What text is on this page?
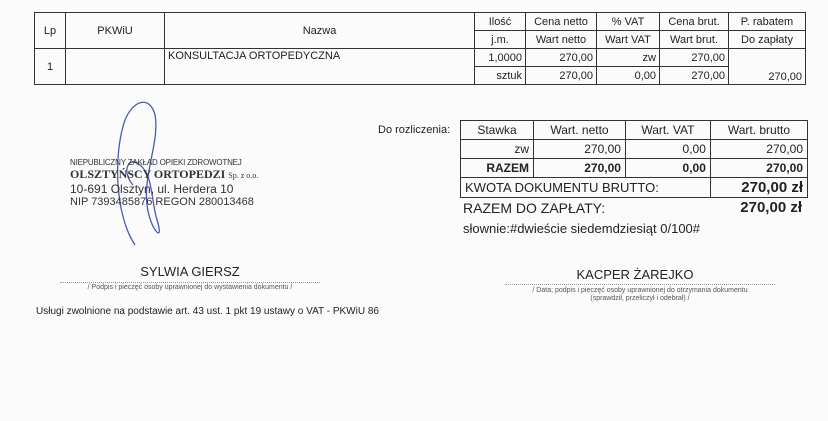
Lp	PKWiU	Nazwa	Ilość	Cena netto	% VAT	Cena brut.	P. rabatem
			j.m.	Wart netto	Wart VAT	Wart brut.	Do zapłaty
1		KONSULTACJA ORTOPEDYCZNA	1,0000	270,00	zw	270,00	270,00
			sztuk	270,00	0,00	270,00	
Do rozliczenia: Stawka	Wart. netto	Wart. VAT	Wart. brutto
zw	270,00	0,00	270,00
RAZEM	270,00	0,00	270,00
KWOTA DOKUMENTU BRUTTO:			270,00 zł
RAZEM DO ZAPŁATY:	270,00 zł
słownie:#dwieście siedemdziesiąt 0/100#
NIEPUBLICZNY ZAKŁAD OPIEKI ZDROWOTNEJ
OLSZTYŃSCY ORTOPEDZI Sp. z o.o.
10-691 Olsztyn, ul. Herdera 10
NIP 7393485876 REGON 280013468
SYLWIA GIERSZ
/ Podpis i pieczęć osoby uprawnionej do wystawienia dokumentu /
KACPER ŻAREJKO
/ Data; podpis i pieczęć osoby uprawnionej do otrzymania dokumentu
(sprawdził, przeliczył i odebrał) /
Usługi zwolnione na podstawie art. 43 ust. 1 pkt 19 ustawy o VAT - PKWiU 86
